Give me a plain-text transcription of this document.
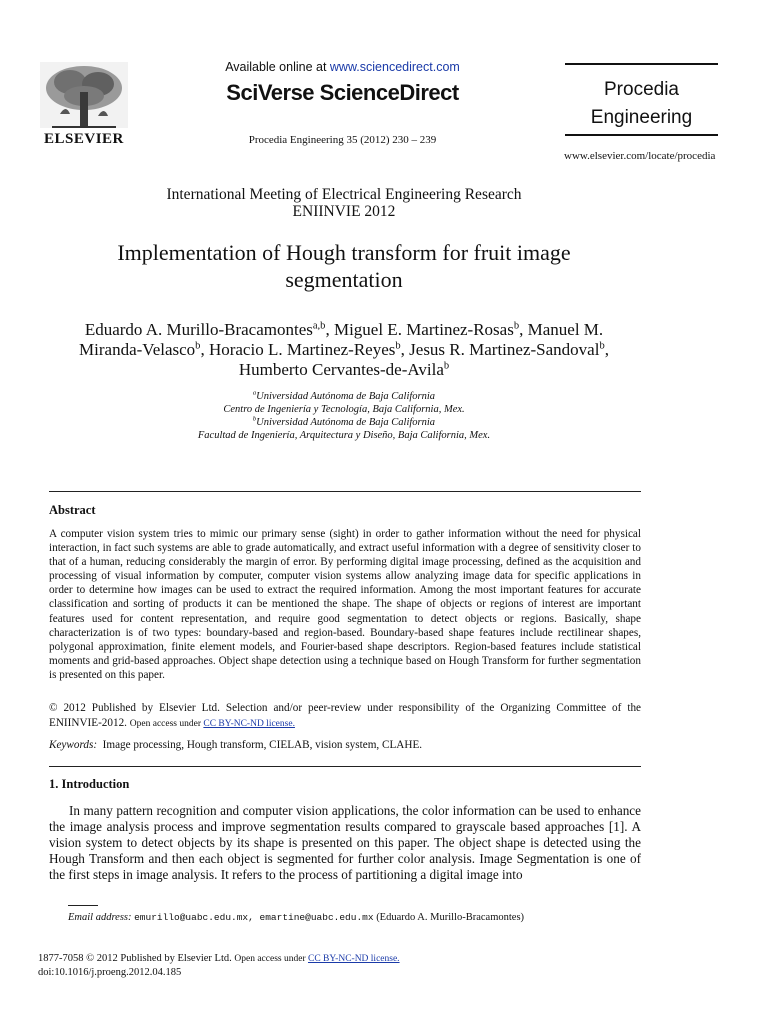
ELSEVIER
Available online at www.sciencedirect.com
SciVerse ScienceDirect
Procedia Engineering 35 (2012) 230 – 239
Procedia
Engineering
www.elsevier.com/locate/procedia
International Meeting of Electrical Engineering Research
ENIINVIE 2012
Implementation of Hough transform for fruit image
segmentation
Eduardo A. Murillo-Bracamontes$^{a,b}$, Miguel E. Martinez-Rosas$^b$, Manuel M.
Miranda-Velasco$^b$, Horacio L. Martinez-Reyes$^b$, Jesus R. Martinez-Sandoval$^b$,
Humberto Cervantes-de-Avila$^b$
$^a$Universidad Autónoma de Baja California
Centro de Ingeniería y Tecnología, Baja California, Mex.
$^b$Universidad Autónoma de Baja California
Facultad de Ingeniería, Arquitectura y Diseño, Baja California, Mex.
Abstract
A computer vision system tries to mimic our primary sense (sight) in order to gather information without the need for physical interaction, in fact such systems are able to grade automatically, and extract useful information with a degree of sensitivity closer to that of a human, reducing considerably the margin of error. By performing digital image processing, defined as the acquisition and processing of visual information by computer, computer vision systems allow analyzing image data for specific applications in order to determine how images can be used to extract the required information. Among the most important features for accurate classification and sorting of products it can be mentioned the shape. The shape of objects or regions of interest are important features used for content representation, and require good segmentation to detect objects or regions. Basically, shape characterization is of two types: boundary-based and region-based. Boundary-based shape features include rectilinear shapes, polygonal approximation, finite element models, and Fourier-based shape descriptors. Region-based features include statistical moments and grid-based approaches. Object shape detection using a technique based on Hough Transform for further segmentation is presented on this paper.
© 2012 Published by Elsevier Ltd. Selection and/or peer-review under responsibility of the Organizing Committee of the ENIINVIE-2012. Open access under CC BY-NC-ND license.
Keywords: Image processing, Hough transform, CIELAB, vision system, CLAHE.
1. Introduction
In many pattern recognition and computer vision applications, the color information can be used to enhance the image analysis process and improve segmentation results compared to grayscale based approaches [1]. A vision system to detect objects by its shape is presented on this paper. The object shape is detected using the Hough Transform and then each object is segmented for further color analysis. Image Segmentation is one of the first steps in image analysis. It refers to the process of partitioning a digital image into
Email address: emurillo@uabc.edu.mx, emartine@uabc.edu.mx (Eduardo A. Murillo-Bracamontes)
1877-7058 © 2012 Published by Elsevier Ltd. Open access under CC BY-NC-ND license.
doi:10.1016/j.proeng.2012.04.185
